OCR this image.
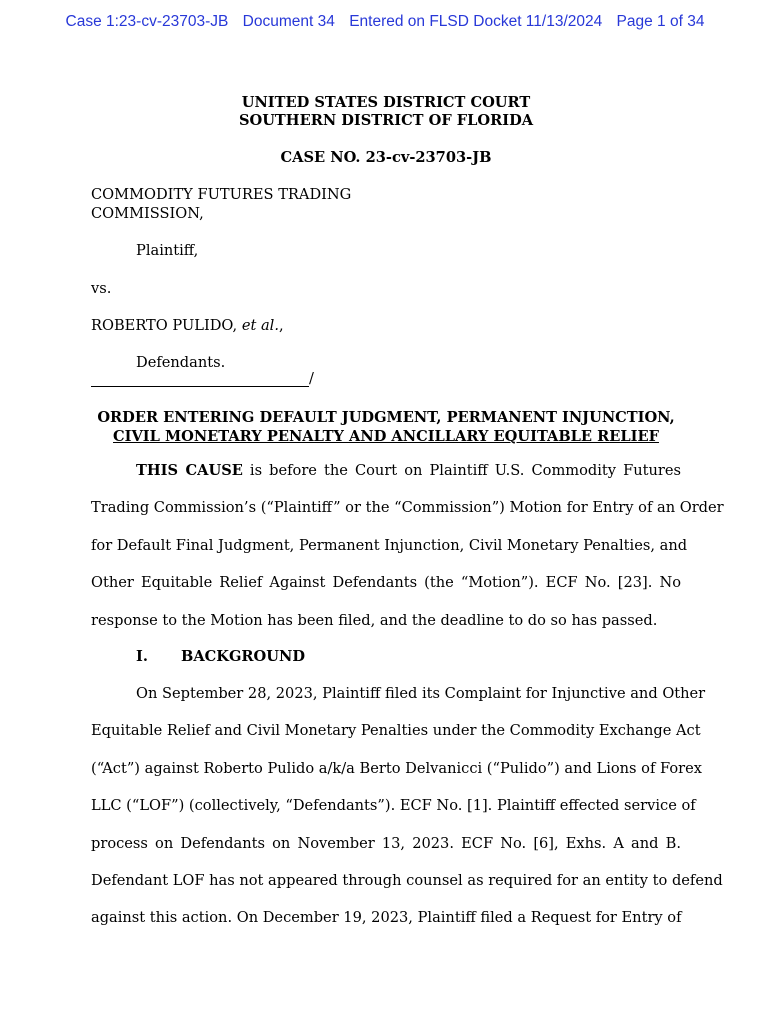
Case 1:23-cv-23703-JB Document 34 Entered on FLSD Docket 11/13/2024 Page 1 of 34
UNITED STATES DISTRICT COURT
SOUTHERN DISTRICT OF FLORIDA
CASE NO. 23-cv-23703-JB
COMMODITY FUTURES TRADING
COMMISSION,
Plaintiff,
vs.
ROBERTO PULIDO, et al.,
Defendants.
/
ORDER ENTERING DEFAULT JUDGMENT, PERMANENT INJUNCTION,
CIVIL MONETARY PENALTY AND ANCILLARY EQUITABLE RELIEF
THIS CAUSE is before the Court on Plaintiff U.S. Commodity Futures
Trading Commission’s (“Plaintiff” or the “Commission”) Motion for Entry of an Order
for Default Final Judgment, Permanent Injunction, Civil Monetary Penalties, and
Other Equitable Relief Against Defendants (the “Motion”). ECF No. [23]. No
response to the Motion has been filed, and the deadline to do so has passed.
I. BACKGROUND
On September 28, 2023, Plaintiff filed its Complaint for Injunctive and Other
Equitable Relief and Civil Monetary Penalties under the Commodity Exchange Act
(“Act”) against Roberto Pulido a/k/a Berto Delvanicci (“Pulido”) and Lions of Forex
LLC (“LOF”) (collectively, “Defendants”). ECF No. [1]. Plaintiff effected service of
process on Defendants on November 13, 2023. ECF No. [6], Exhs. A and B.
Defendant LOF has not appeared through counsel as required for an entity to defend
against this action. On December 19, 2023, Plaintiff filed a Request for Entry of
